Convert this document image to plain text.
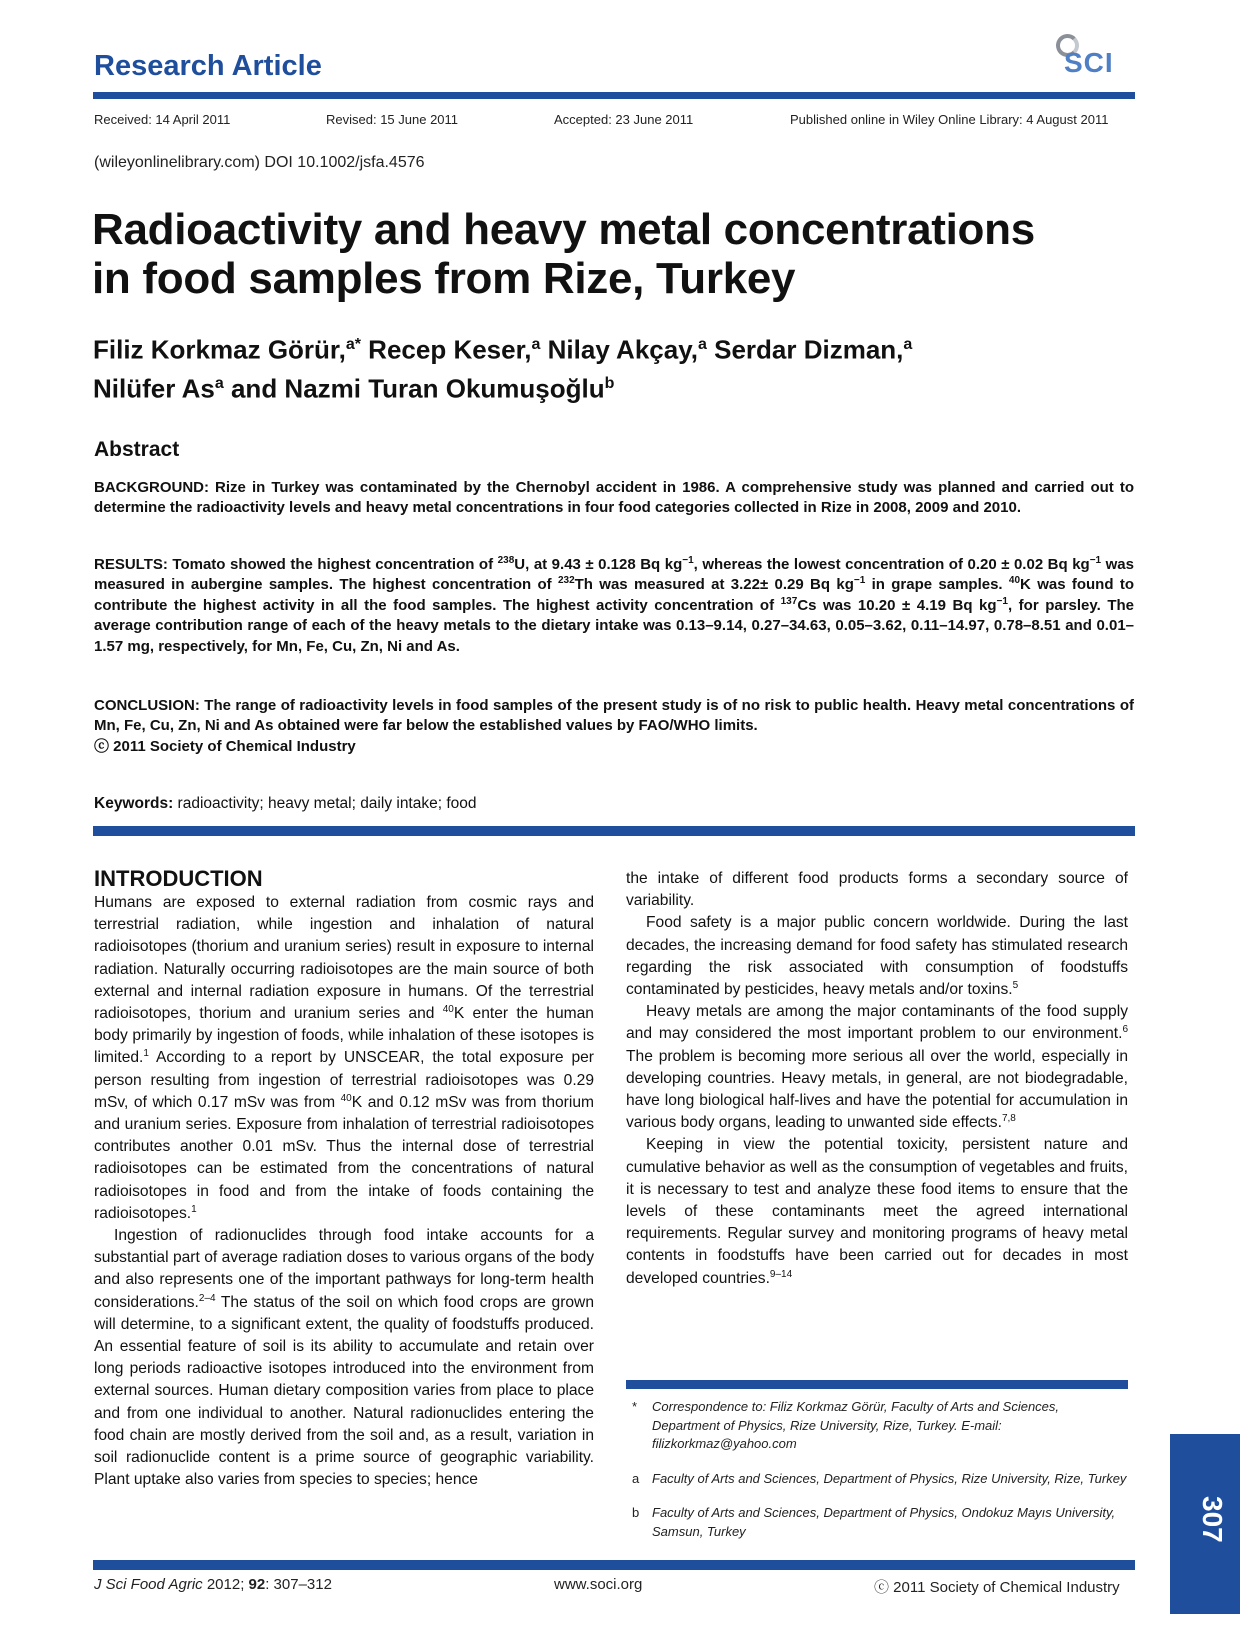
Research Article	SCI
Received: 14 April 2011	Revised: 15 June 2011	Accepted: 23 June 2011	Published online in Wiley Online Library: 4 August 2011
(wileyonlinelibrary.com) DOI 10.1002/jsfa.4576
Radioactivity and heavy metal concentrations
in food samples from Rize, Turkey
Filiz Korkmaz Görür,$^{a*}$ Recep Keser,$^a$ Nilay Akçay,$^a$ Serdar Dizman,$^a$
Nilüfer As$^a$ and Nazmi Turan Okumuşoğlu$^b$
Abstract
BACKGROUND: Rize in Turkey was contaminated by the Chernobyl accident in 1986. A comprehensive study was planned and carried out to determine the radioactivity levels and heavy metal concentrations in four food categories collected in Rize in 2008, 2009 and 2010.
RESULTS: Tomato showed the highest concentration of $^{238}$U, at 9.43 ± 0.128 Bq $kg^{-1}$, whereas the lowest concentration of 0.20 ± 0.02 Bq $kg^{-1}$ was measured in aubergine samples. The highest concentration of $^{232}$Th was measured at 3.22± 0.29 Bq $kg^{-1}$ in grape samples. $^{40}$K was found to contribute the highest activity in all the food samples. The highest activity concentration of $^{137}$Cs was 10.20 ± 4.19 Bq $kg^{-1}$, for parsley. The average contribution range of each of the heavy metals to the dietary intake was 0.13–9.14, 0.27–34.63, 0.05–3.62, 0.11–14.97, 0.78–8.51 and 0.01–1.57 mg, respectively, for Mn, Fe, Cu, Zn, Ni and As.
CONCLUSION: The range of radioactivity levels in food samples of the present study is of no risk to public health. Heavy metal concentrations of Mn, Fe, Cu, Zn, Ni and As obtained were far below the established values by FAO/WHO limits.
ⓒ 2011 Society of Chemical Industry
Keywords: radioactivity; heavy metal; daily intake; food
INTRODUCTION

Humans are exposed to external radiation from cosmic rays and terrestrial radiation, while ingestion and inhalation of natural radioisotopes (thorium and uranium series) result in exposure to internal radiation. Naturally occurring radioisotopes are the main source of both external and internal radiation exposure in humans. Of the terrestrial radioisotopes, thorium and uranium series and $^{40}$K enter the human body primarily by ingestion of foods, while inhalation of these isotopes is limited.$^1$ According to a report by UNSCEAR, the total exposure per person resulting from ingestion of terrestrial radioisotopes was 0.29 mSv, of which 0.17 mSv was from $^{40}$K and 0.12 mSv was from thorium and uranium series. Exposure from inhalation of terrestrial radioisotopes contributes another 0.01 mSv. Thus the internal dose of terrestrial radioisotopes can be estimated from the concentrations of natural radioisotopes in food and from the intake of foods containing the radioisotopes.$^1$

Ingestion of radionuclides through food intake accounts for a substantial part of average radiation doses to various organs of the body and also represents one of the important pathways for long-term health considerations.$^{2-4}$ The status of the soil on which food crops are grown will determine, to a significant extent, the quality of foodstuffs produced. An essential feature of soil is its ability to accumulate and retain over long periods radioactive isotopes introduced into the environment from external sources. Human dietary composition varies from place to place and from one individual to another. Natural radionuclides entering the food chain are mostly derived from the soil and, as a result, variation in soil radionuclide content is a prime source of geographic variability. Plant uptake also varies from species to species; hence

the intake of different food products forms a secondary source of variability.

Food safety is a major public concern worldwide. During the last decades, the increasing demand for food safety has stimulated research regarding the risk associated with consumption of foodstuffs contaminated by pesticides, heavy metals and/or toxins.$^5$

Heavy metals are among the major contaminants of the food supply and may considered the most important problem to our environment.$^6$ The problem is becoming more serious all over the world, especially in developing countries. Heavy metals, in general, are not biodegradable, have long biological half-lives and have the potential for accumulation in various body organs, leading to unwanted side effects.$^{7,8}$

Keeping in view the potential toxicity, persistent nature and cumulative behavior as well as the consumption of vegetables and fruits, it is necessary to test and analyze these food items to ensure that the levels of these contaminants meet the agreed international requirements. Regular survey and monitoring programs of heavy metal contents in foodstuffs have been carried out for decades in most developed countries.$^{9-14}$

* Correspondence to: Filiz Korkmaz Görür, Faculty of Arts and Sciences, Department of Physics, Rize University, Rize, Turkey. E-mail: filizkorkmaz@yahoo.com
a Faculty of Arts and Sciences, Department of Physics, Rize University, Rize, Turkey
b Faculty of Arts and Sciences, Department of Physics, Ondokuz Mayıs University, Samsun, Turkey	307
J Sci Food Agric 2012; 92: 307–312	www.soci.org	ⓒ 2011 Society of Chemical Industry
